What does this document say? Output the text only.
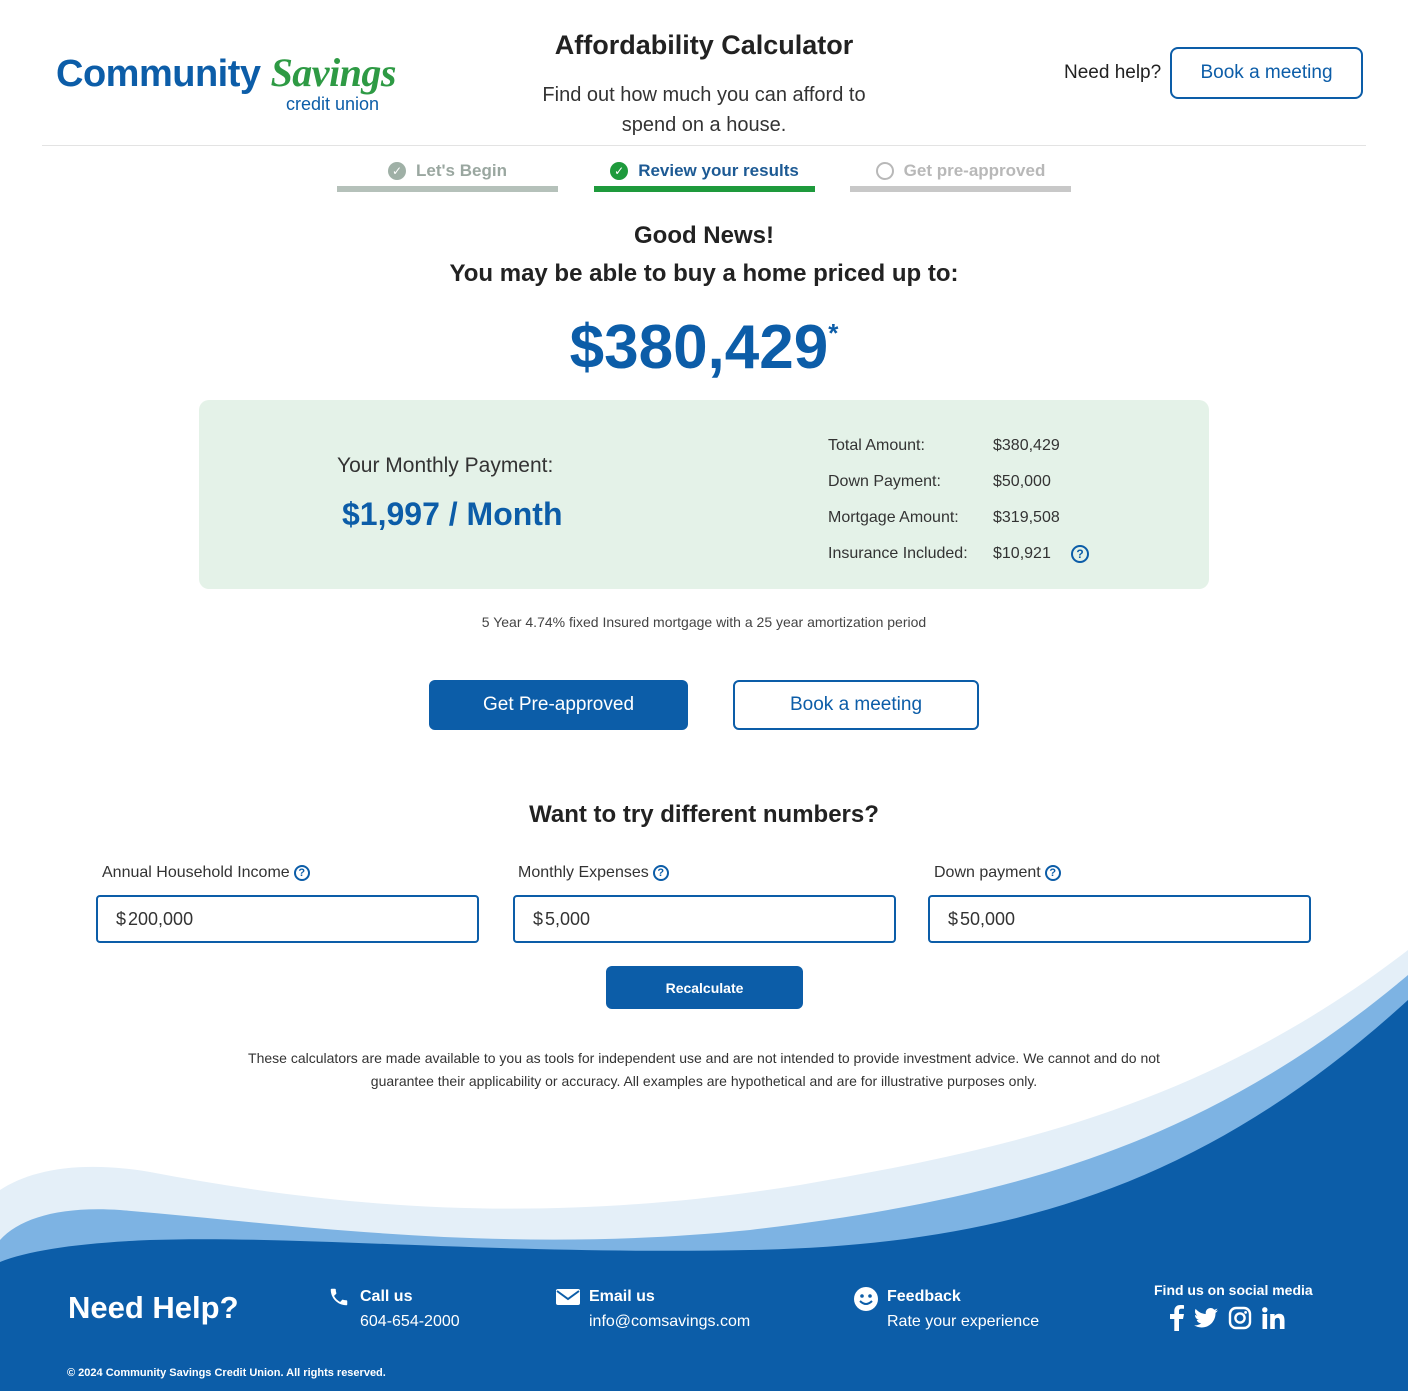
Community Savings
credit union
Affordability Calculator
Find out how much you can afford to spend on a house.
Need help?	Book a meeting
✓ Let's Begin	✓ Review your results	Get pre-approved
Good News!
You may be able to buy a home priced up to:
$380,429*
Your Monthly Payment:
$1,997 / Month
Total Amount:	$380,429
Down Payment:	$50,000
Mortgage Amount:	$319,508
Insurance Included:	$10,921	?
5 Year 4.74% fixed Insured mortgage with a 25 year amortization period
Get Pre-approved	Book a meeting
Want to try different numbers?
Annual Household Income ?
$
200,000
Monthly Expenses ?
$
5,000
Down payment ?
$
50,000
Recalculate
These calculators are made available to you as tools for independent use and are not intended to provide investment advice. We cannot and do not guarantee their applicability or accuracy. All examples are hypothetical and are for illustrative purposes only.
Need Help?	Call us
604-654-2000
Email us
info@comsavings.com
Feedback
Rate your experience
Find us on social media
© 2024 Community Savings Credit Union. All rights reserved.
